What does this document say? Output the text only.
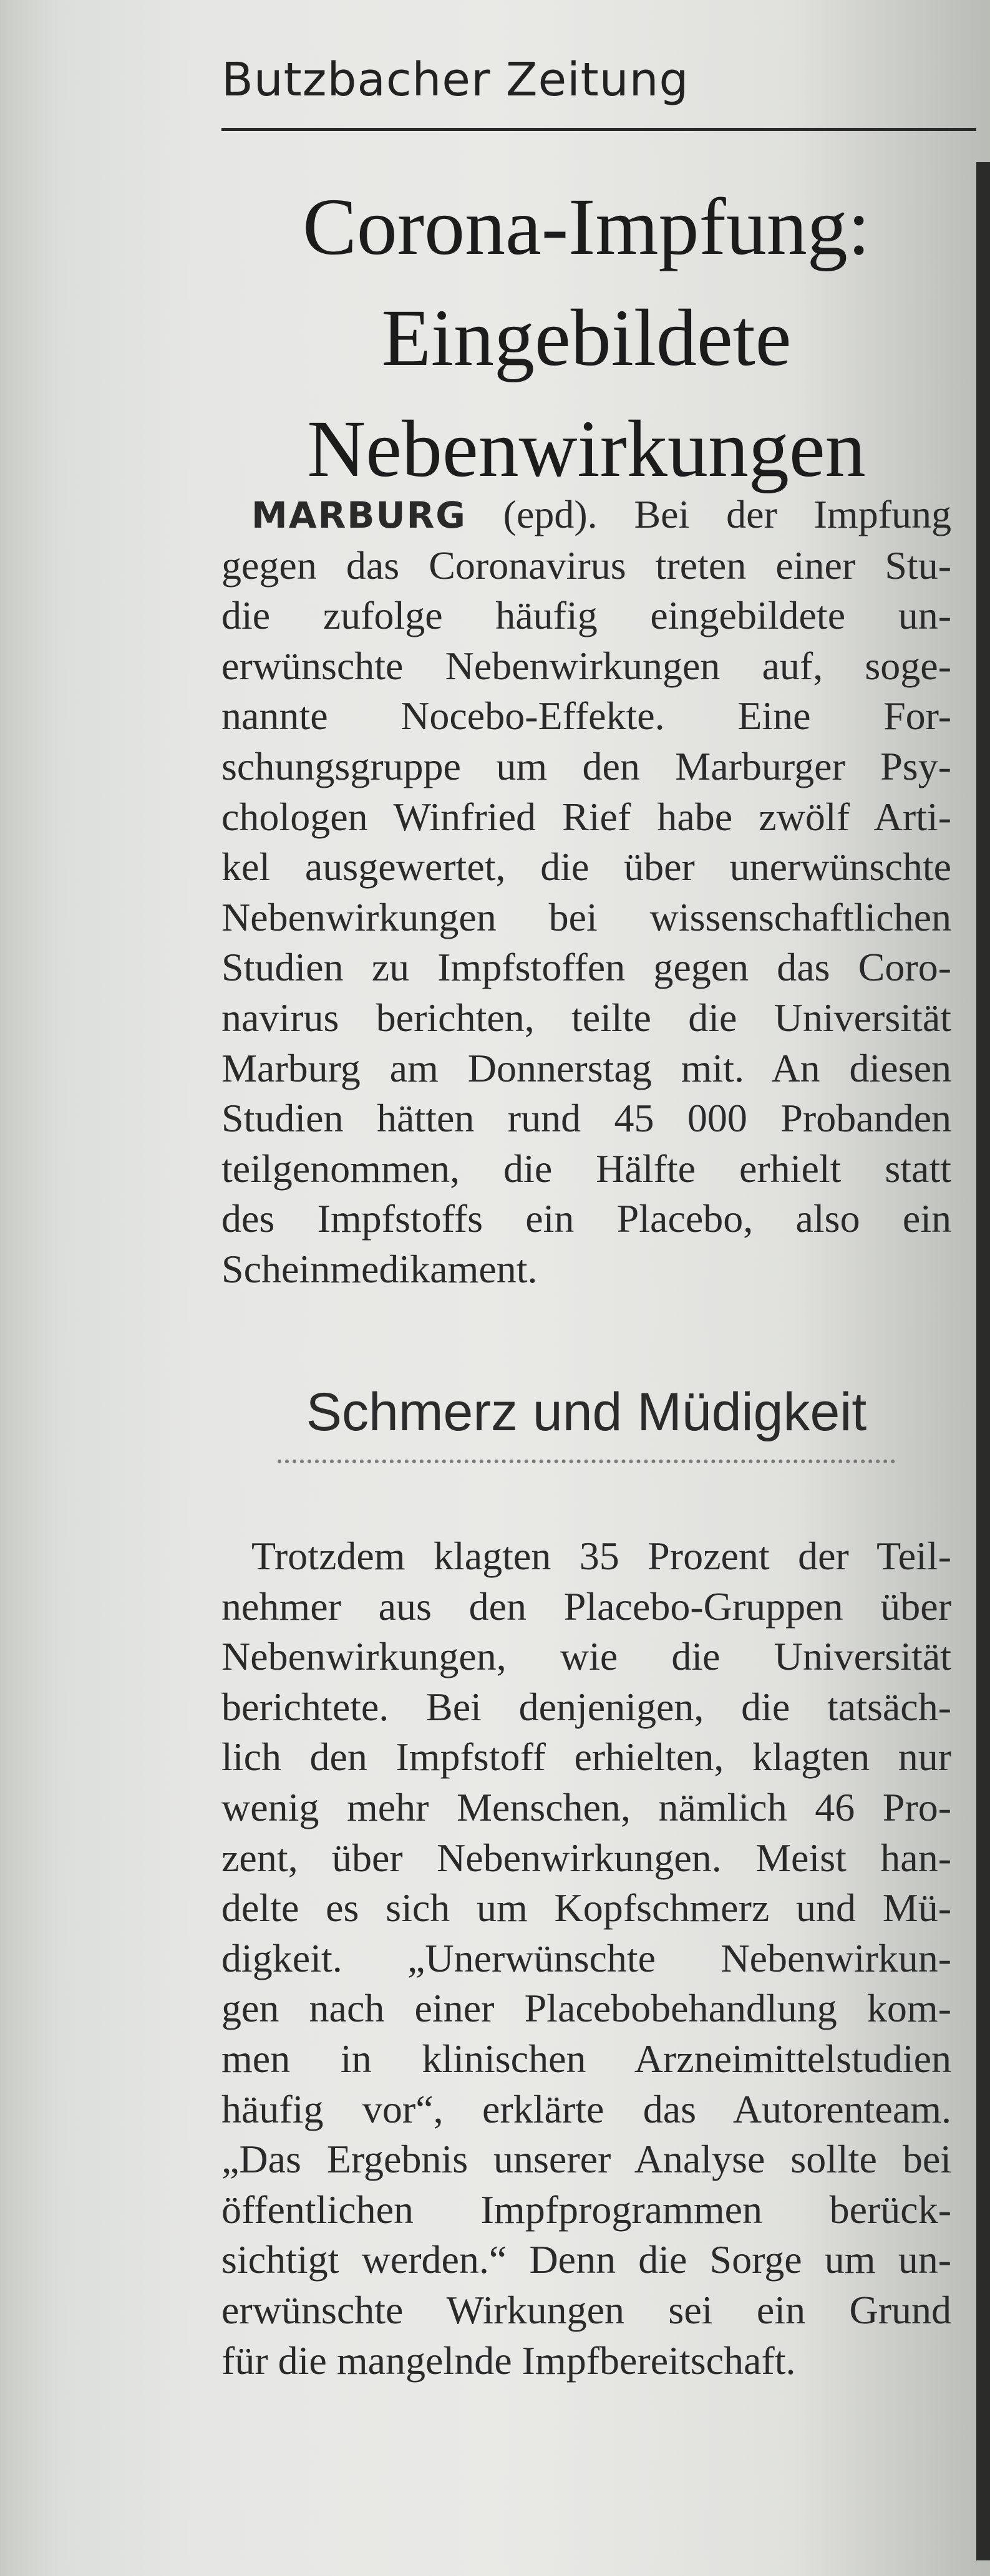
Butzbacher Zeitung
Corona-Impfung:
Eingebildete
Nebenwirkungen
MARBURG (epd). Bei der Impfung
gegen das Coronavirus treten einer Stu-
die zufolge häufig eingebildete un-
erwünschte Nebenwirkungen auf, soge-
nannte Nocebo-Effekte. Eine For-
schungsgruppe um den Marburger Psy-
chologen Winfried Rief habe zwölf Arti-
kel ausgewertet, die über unerwünschte
Nebenwirkungen bei wissenschaftlichen
Studien zu Impfstoffen gegen das Coro-
navirus berichten, teilte die Universität
Marburg am Donnerstag mit. An diesen
Studien hätten rund 45 000 Probanden
teilgenommen, die Hälfte erhielt statt
des Impfstoffs ein Placebo, also ein
Scheinmedikament.
Schmerz und Müdigkeit
Trotzdem klagten 35 Prozent der Teil-
nehmer aus den Placebo-Gruppen über
Nebenwirkungen, wie die Universität
berichtete. Bei denjenigen, die tatsäch-
lich den Impfstoff erhielten, klagten nur
wenig mehr Menschen, nämlich 46 Pro-
zent, über Nebenwirkungen. Meist han-
delte es sich um Kopfschmerz und Mü-
digkeit. „Unerwünschte Nebenwirkun-
gen nach einer Placebobehandlung kom-
men in klinischen Arzneimittelstudien
häufig vor“, erklärte das Autorenteam.
„Das Ergebnis unserer Analyse sollte bei
öffentlichen Impfprogrammen berück-
sichtigt werden.“ Denn die Sorge um un-
erwünschte Wirkungen sei ein Grund
für die mangelnde Impfbereitschaft.
